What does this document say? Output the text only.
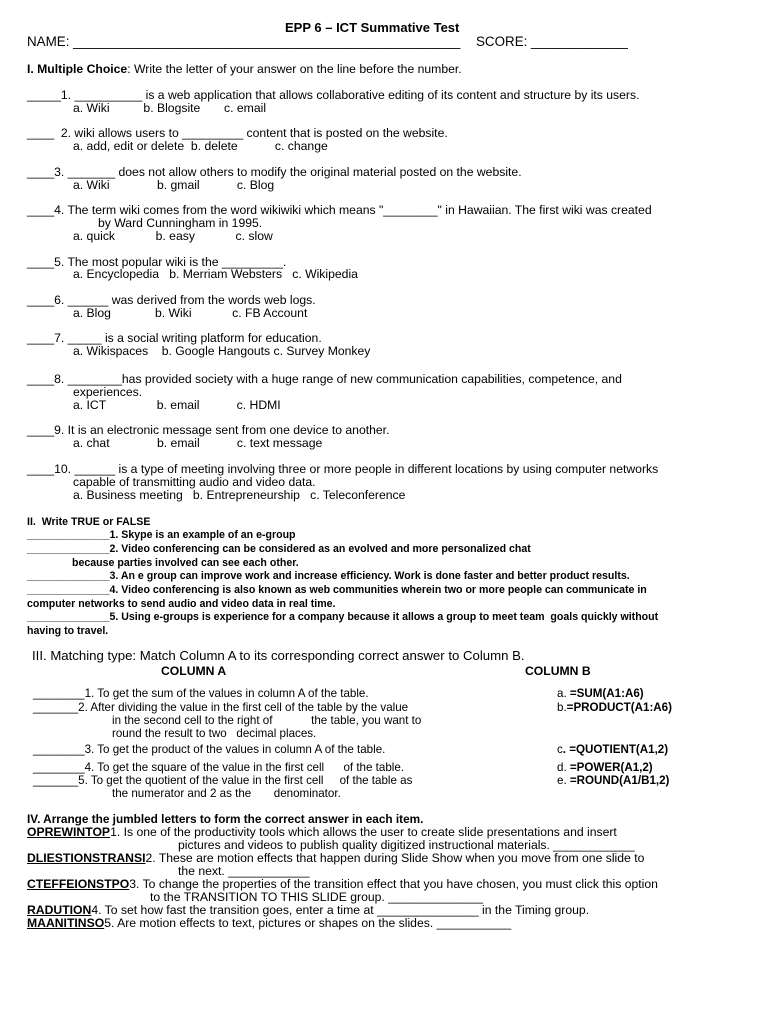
EPP 6 – ICT Summative Test
NAME: ____________________________________________________ SCORE: _____________
I. Multiple Choice: Write the letter of your answer on the line before the number.
_____1. __________ is a web application that allows collaborative editing of its content and structure by its users.
a. Wiki          b. Blogsite       c. email
____  2. wiki allows users to _________ content that is posted on the website.
a. add, edit or delete  b. delete           c. change
____3. _______ does not allow others to modify the original material posted on the website.
a. Wiki              b. gmail           c. Blog
____4. The term wiki comes from the word wikiwiki which means "________" in Hawaiian. The first wiki was created
by Ward Cunningham in 1995.
a. quick            b. easy            c. slow
____5. The most popular wiki is the _________.
a. Encyclopedia   b. Merriam Websters   c. Wikipedia
____6. ______ was derived from the words web logs.
a. Blog             b. Wiki            c. FB Account
____7. _____ is a social writing platform for education.
a. Wikispaces    b. Google Hangouts c. Survey Monkey
____8. ________has provided society with a huge range of new communication capabilities, competence, and
experiences.
a. ICT               b. email           c. HDMI
____9. It is an electronic message sent from one device to another.
a. chat              b. email           c. text message
____10. ______ is a type of meeting involving three or more people in different locations by using computer networks
capable of transmitting audio and video data.
a. Business meeting   b. Entrepreneurship   c. Teleconference
II.  Write TRUE or FALSE
______________1. Skype is an example of an e-group
______________2. Video conferencing can be considered as an evolved and more personalized chat
because parties involved can see each other.
______________3. An e group can improve work and increase efficiency. Work is done faster and better product results.
______________4. Video conferencing is also known as web communities wherein two or more people can communicate in
computer networks to send audio and video data in real time.
______________5. Using e-groups is experience for a company because it allows a group to meet team  goals quickly without
having to travel.
III. Matching type: Match Column A to its corresponding correct answer to Column B.
COLUMN A	COLUMN B
________1. To get the sum of the values in column A of the table.
_______2. After dividing the value in the first cell of the table by the value
in the second cell to the right of            the table, you want to
round the result to two   decimal places.
________3. To get the product of the values in column A of the table.
________4. To get the square of the value in the first cell      of the table.
_______5. To get the quotient of the value in the first cell     of the table as
the numerator and 2 as the       denominator.
a. =SUM(A1:A6)
b.=PRODUCT(A1:A6)
c. =QUOTIENT(A1,2)
d. =POWER(A1,2)
e. =ROUND(A1/B1,2)
IV. Arrange the jumbled letters to form the correct answer in each item.
OPREWINTOP1. Is one of the productivity tools which allows the user to create slide presentations and insert
pictures and videos to publish quality digitized instructional materials. ____________
DLIESTIONSTRANSI2. These are motion effects that happen during Slide Show when you move from one slide to
the next. ____________
CTEFFEIONSTPO3. To change the properties of the transition effect that you have chosen, you must click this option
to the TRANSITION TO THIS SLIDE group. ______________
RADUTION4. To set how fast the transition goes, enter a time at _______________ in the Timing group.
MAANITINSO5. Are motion effects to text, pictures or shapes on the slides. ___________
